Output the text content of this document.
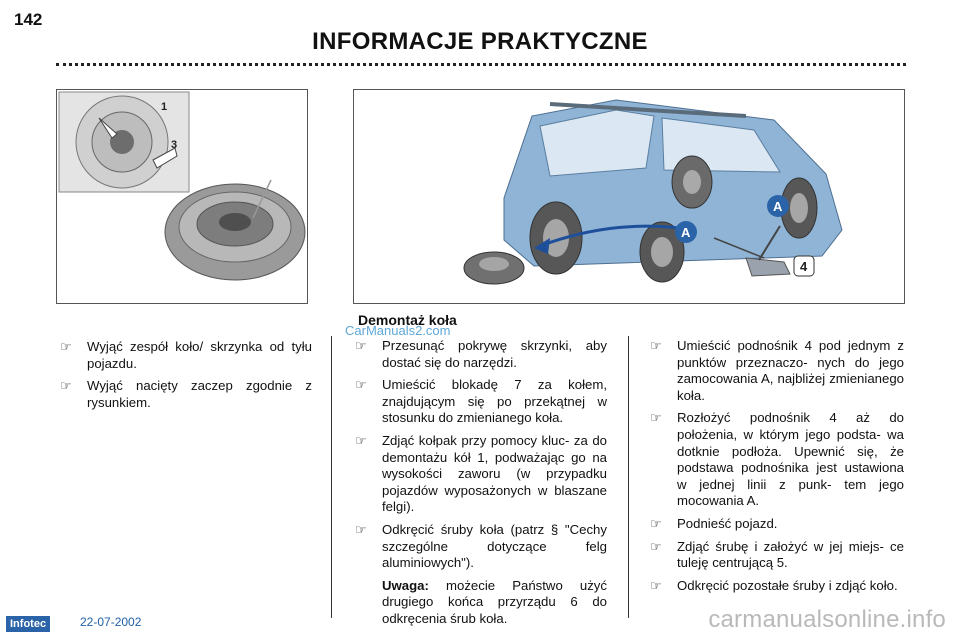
142
INFORMACJE PRAKTYCZNE
1
3
A
A
4
Demontaż koła
CarManuals2.com
☞ Wyjąć zespół koło/ skrzynka od tyłu pojazdu.
☞ Wyjąć nacięty zaczep zgodnie z rysunkiem.
☞ Przesunąć pokrywę skrzynki, aby dostać się do narzędzi.
☞ Umieścić blokadę 7 za kołem, znajdującym się po przekątnej w stosunku do zmienianego koła.
☞ Zdjąć kołpak przy pomocy kluc- za do demontażu kół 1, podważając go na wysokości zaworu (w przypadku pojazdów wyposażonych w blaszane felgi).
☞ Odkręcić śruby koła (patrz § "Cechy szczególne dotyczące felg aluminiowych").
Uwaga: możecie Państwo użyć drugiego końca przyrządu 6 do odkręcenia śrub koła.
☞ Umieścić podnośnik 4 pod jednym z punktów przeznaczo- nych do jego zamocowania A, najbliżej zmienianego koła.
☞ Rozłożyć podnośnik 4 aż do położenia, w którym jego podsta- wa dotknie podłoża. Upewnić się, że podstawa podnośnika jest ustawiona w jednej linii z punk- tem jego mocowania A.
☞ Podnieść pojazd.
☞ Zdjąć śrubę i założyć w jej miejs- ce tuleję centrującą 5.
☞ Odkręcić pozostałe śruby i zdjąć koło.
Infotec	22-07-2002	carmanualsonline.info
